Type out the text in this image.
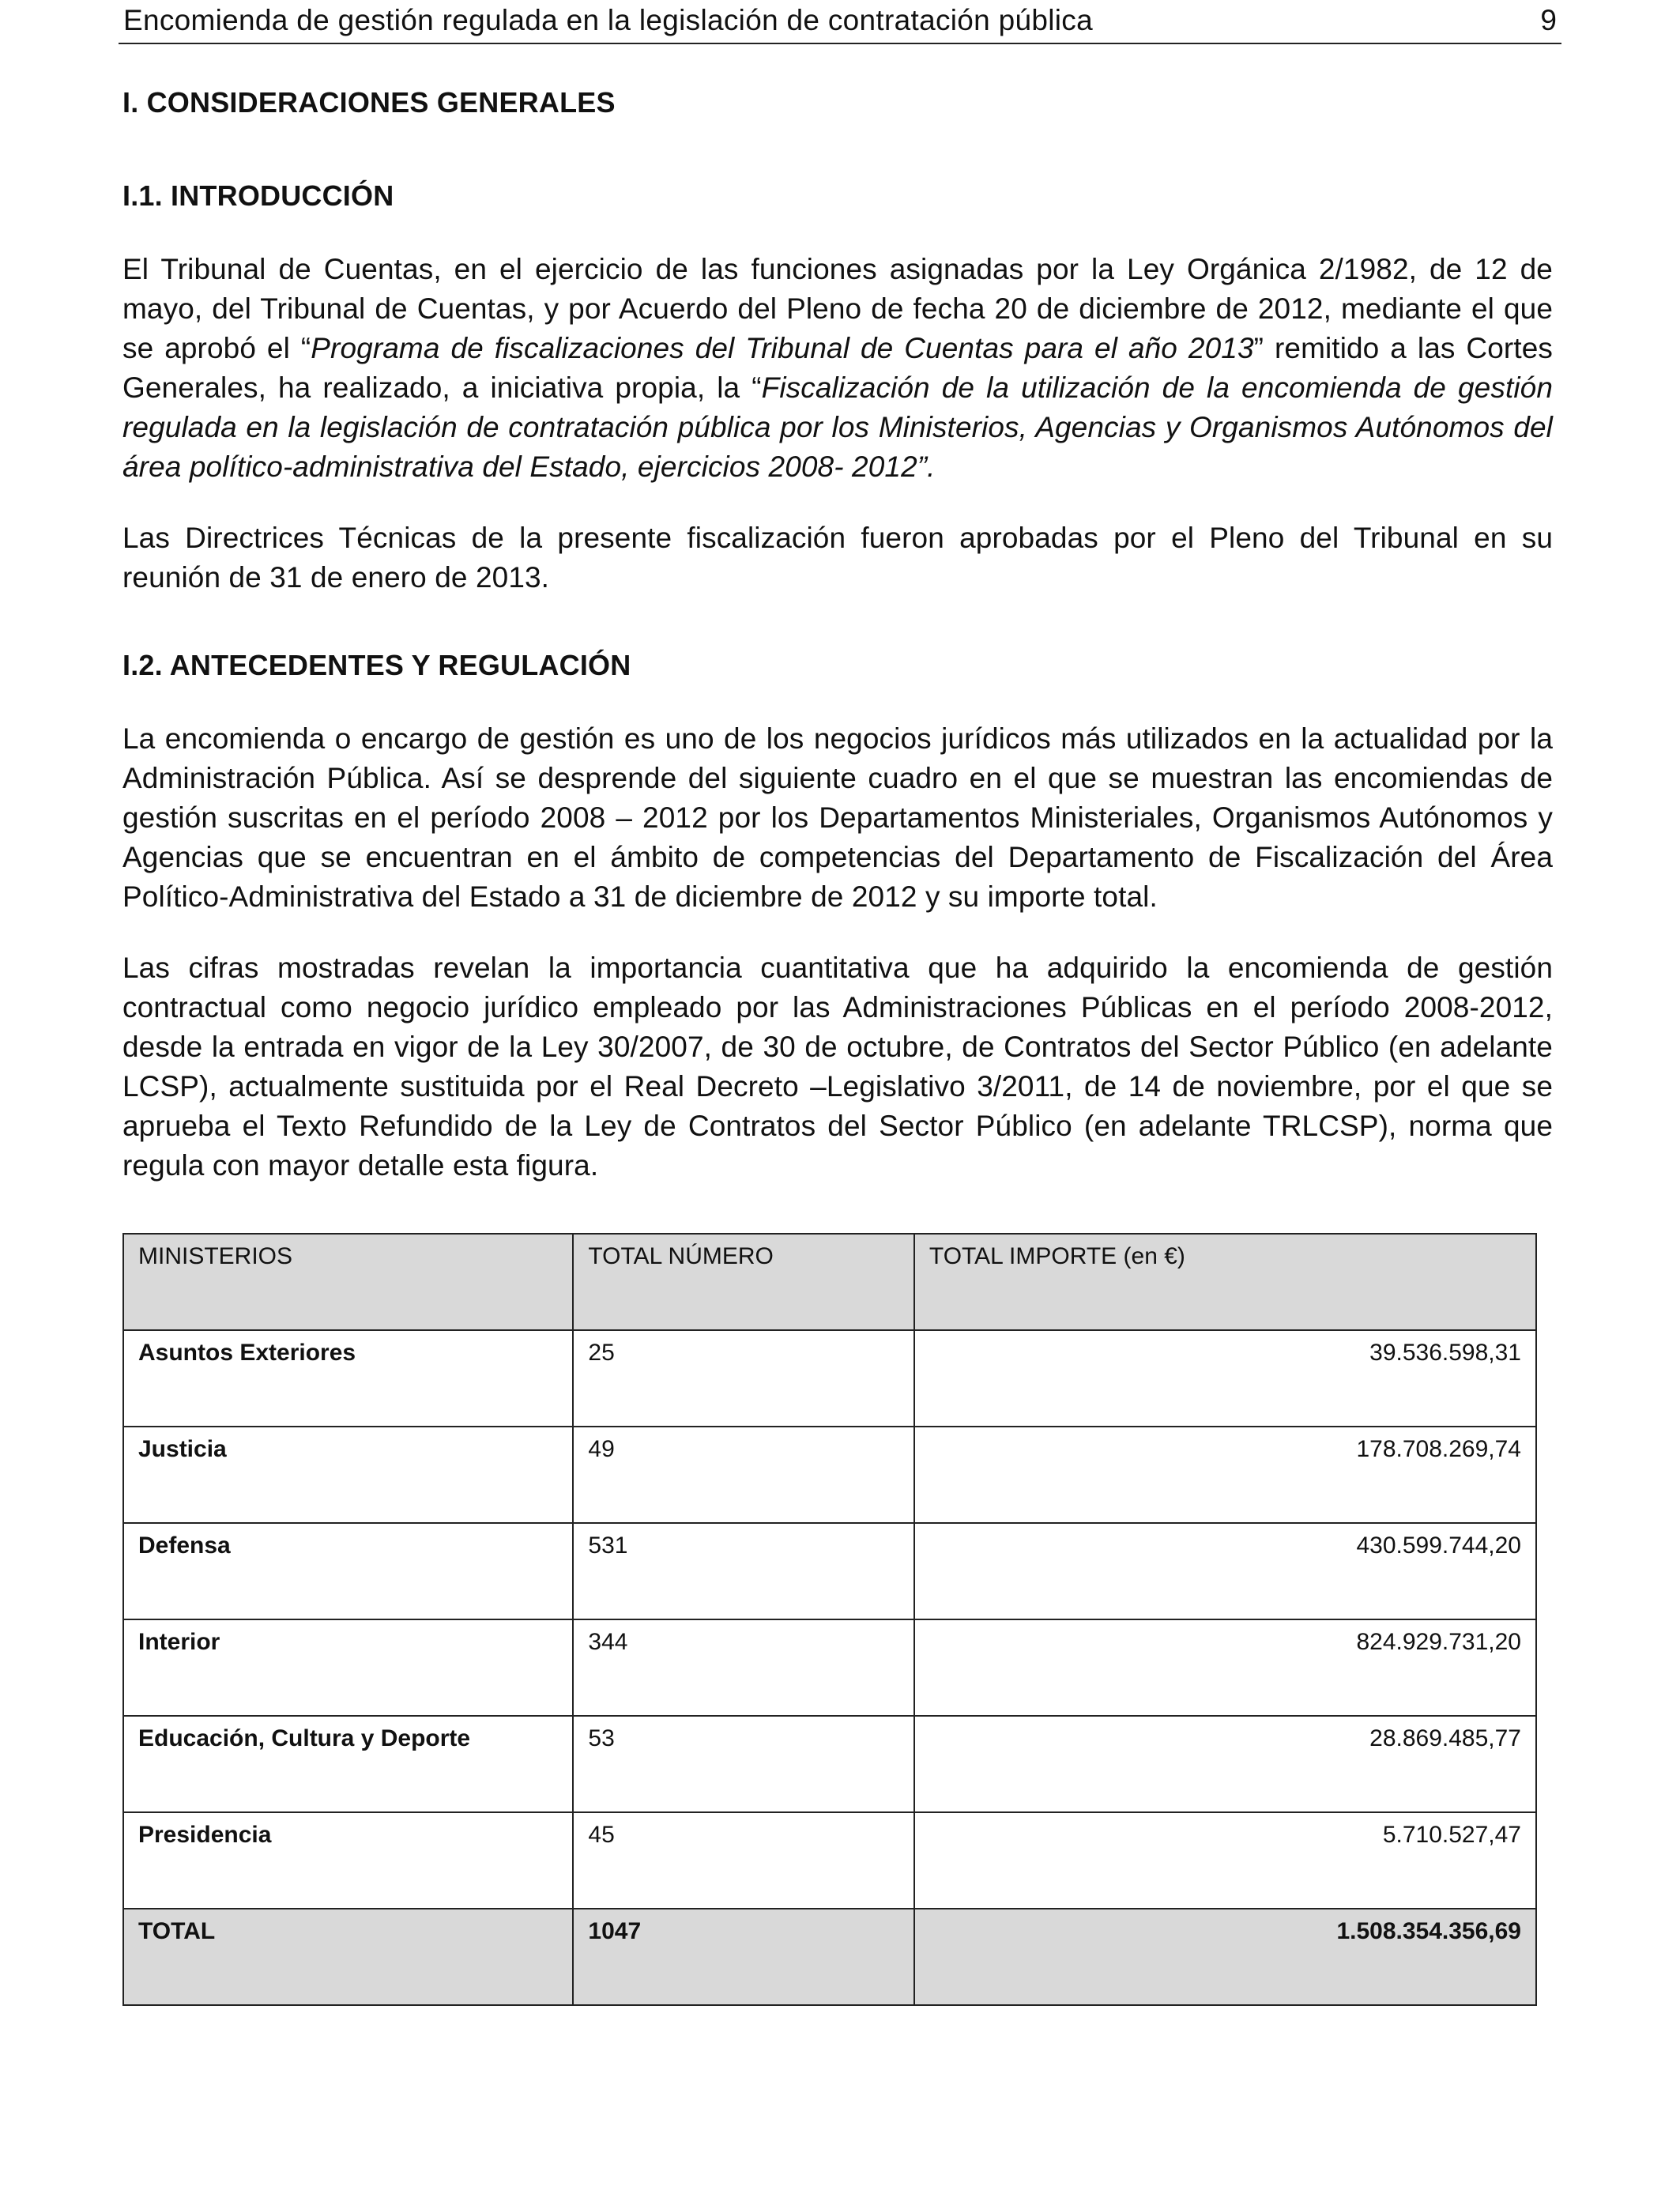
Encomienda de gestión regulada en la legislación de contratación pública	9
I. CONSIDERACIONES GENERALES
I.1. INTRODUCCIÓN

El Tribunal de Cuentas, en el ejercicio de las funciones asignadas por la Ley Orgánica 2/1982, de 12 de mayo, del Tribunal de Cuentas, y por Acuerdo del Pleno de fecha 20 de diciembre de 2012, mediante el que se aprobó el “Programa de fiscalizaciones del Tribunal de Cuentas para el año 2013” remitido a las Cortes Generales, ha realizado, a iniciativa propia, la “Fiscalización de la utilización de la encomienda de gestión regulada en la legislación de contratación pública por los Ministerios, Agencias y Organismos Autónomos del área político-administrativa del Estado, ejercicios 2008- 2012”.

Las Directrices Técnicas de la presente fiscalización fueron aprobadas por el Pleno del Tribunal en su reunión de 31 de enero de 2013.

I.2. ANTECEDENTES Y REGULACIÓN

La encomienda o encargo de gestión es uno de los negocios jurídicos más utilizados en la actualidad por la Administración Pública. Así se desprende del siguiente cuadro en el que se muestran las encomiendas de gestión suscritas en el período 2008 – 2012 por los Departamentos Ministeriales, Organismos Autónomos y Agencias que se encuentran en el ámbito de competencias del Departamento de Fiscalización del Área Político-Administrativa del Estado a 31 de diciembre de 2012 y su importe total.

Las cifras mostradas revelan la importancia cuantitativa que ha adquirido la encomienda de gestión contractual como negocio jurídico empleado por las Administraciones Públicas en el período 2008-2012, desde la entrada en vigor de la Ley 30/2007, de 30 de octubre, de Contratos del Sector Público (en adelante LCSP), actualmente sustituida por el Real Decreto –Legislativo 3/2011, de 14 de noviembre, por el que se aprueba el Texto Refundido de la Ley de Contratos del Sector Público (en adelante TRLCSP), norma que regula con mayor detalle esta figura.

MINISTERIOS	TOTAL NÚMERO	TOTAL IMPORTE (en €)
Asuntos Exteriores	25	39.536.598,31
Justicia	49	178.708.269,74
Defensa	531	430.599.744,20
Interior	344	824.929.731,20
Educación, Cultura y Deporte	53	28.869.485,77
Presidencia	45	5.710.527,47
TOTAL	1047	1.508.354.356,69
